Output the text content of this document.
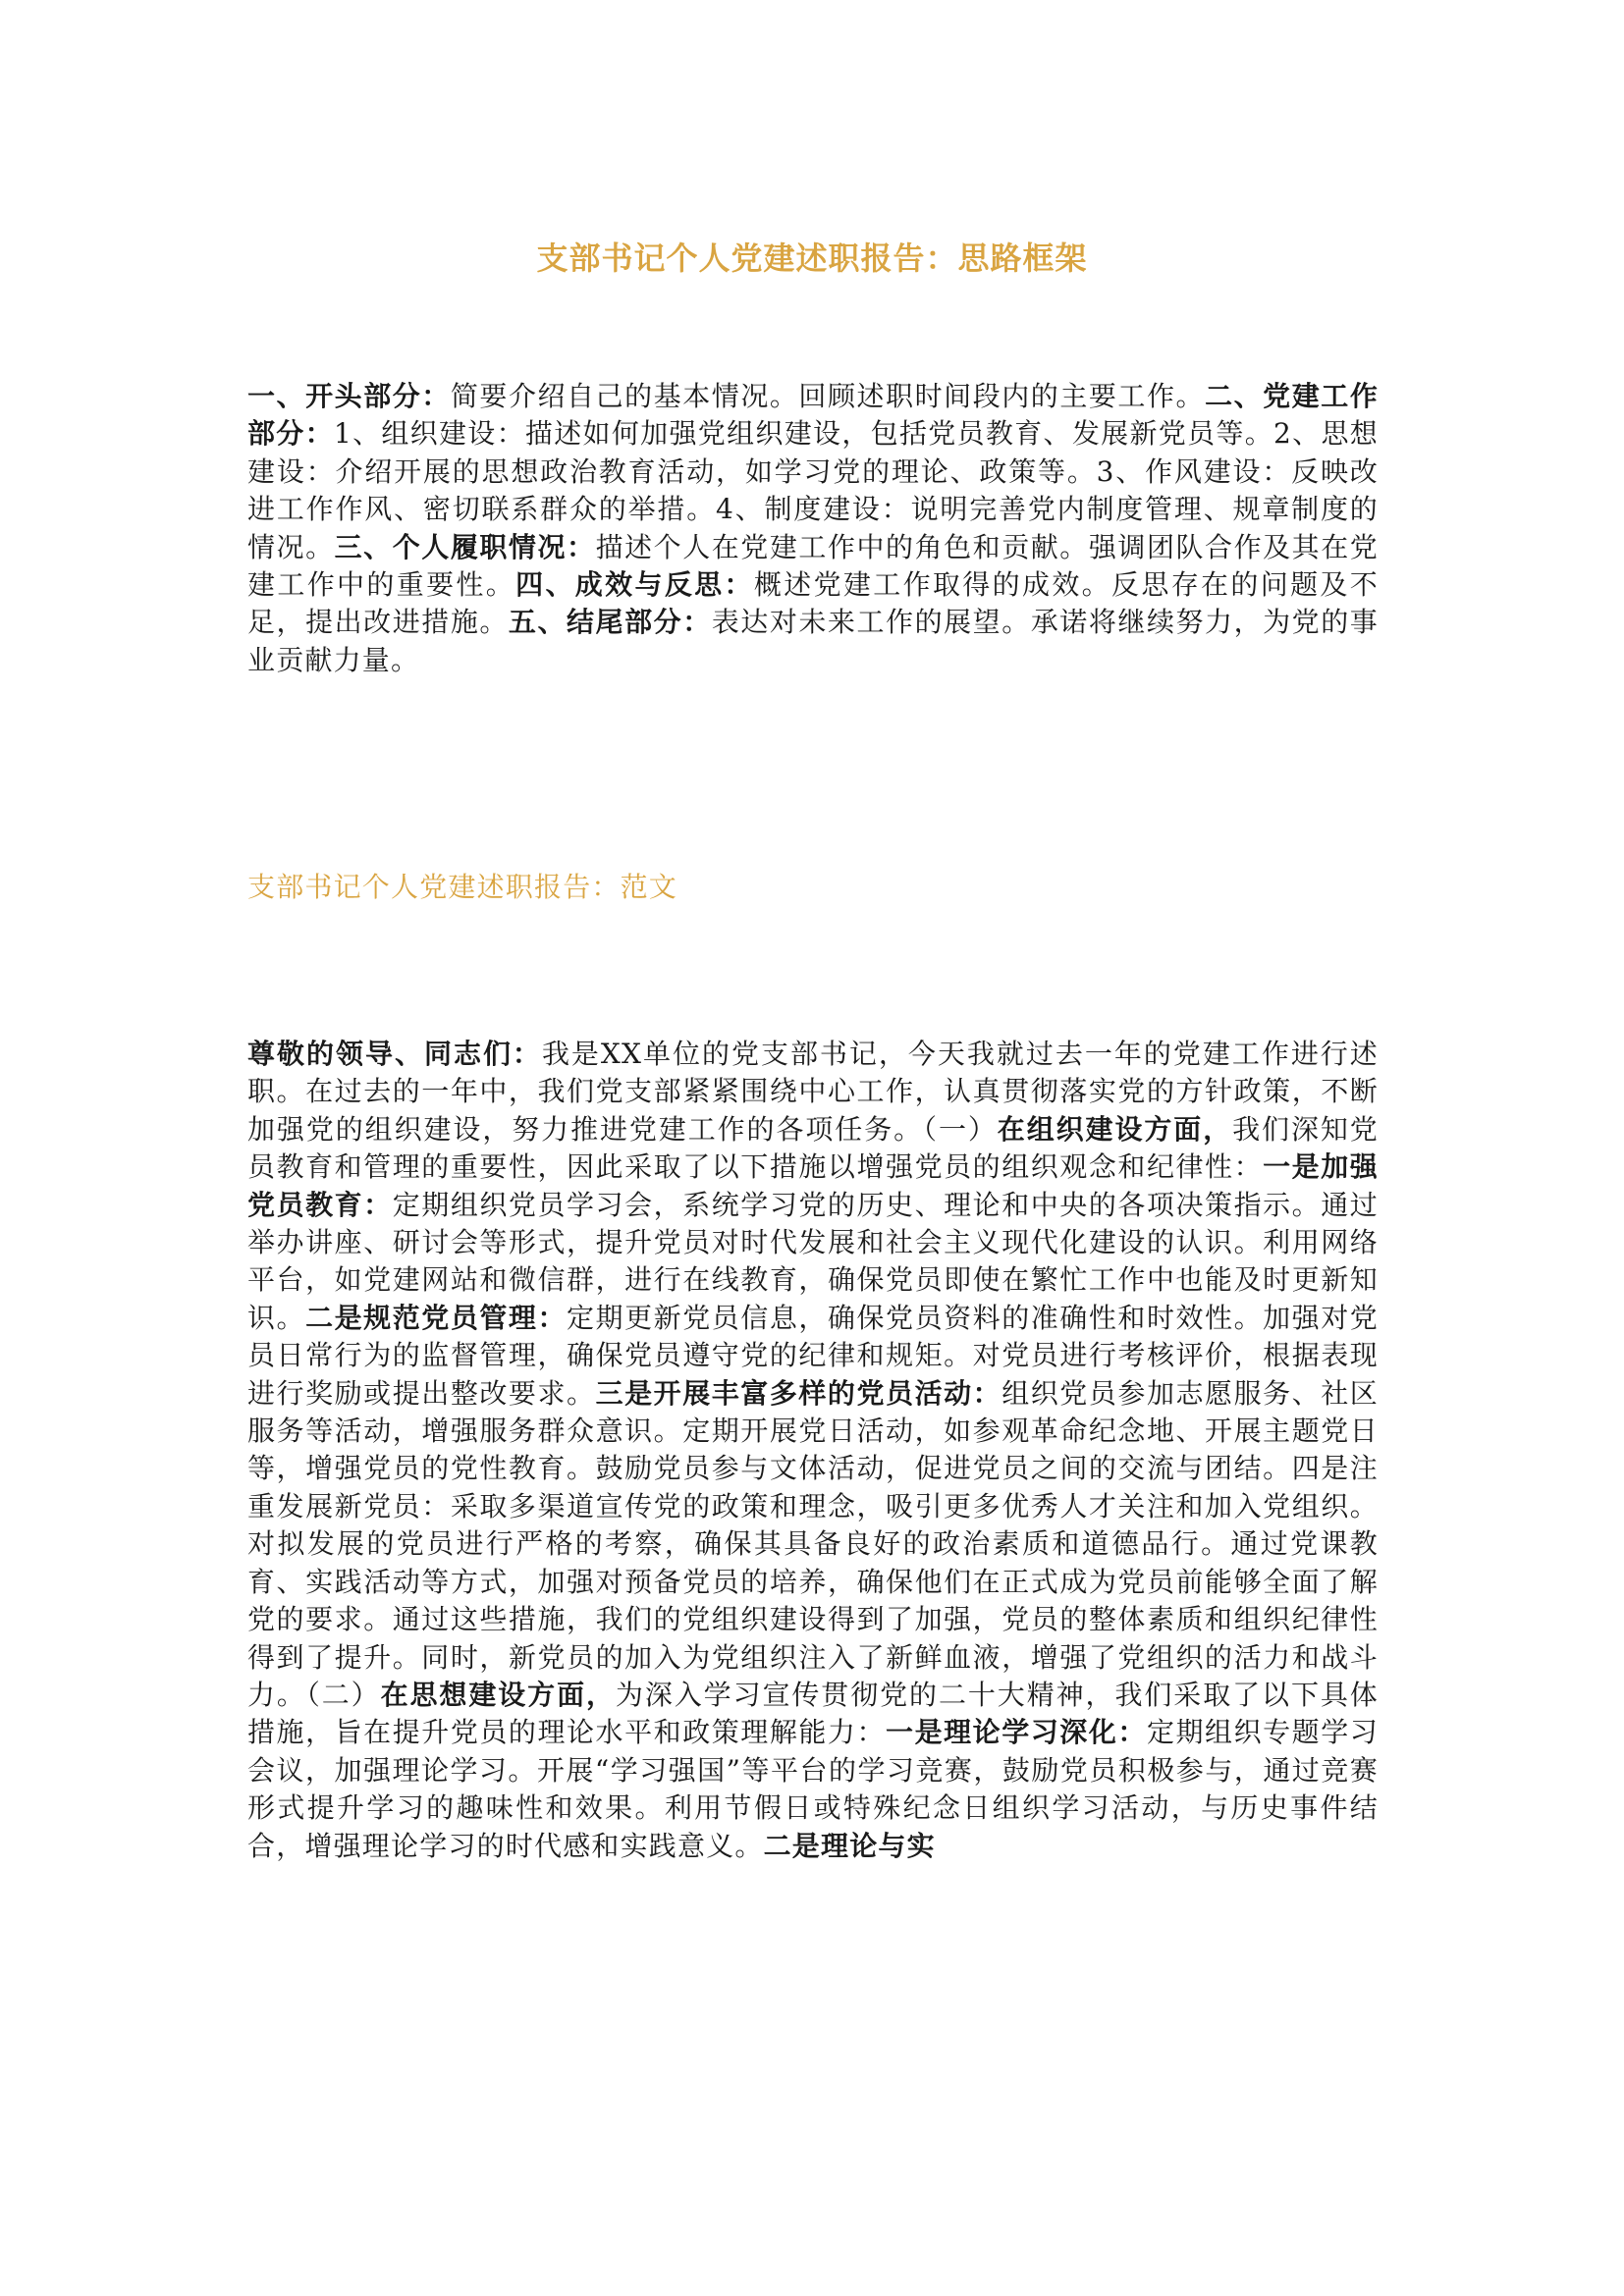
支部书记个人党建述职报告：思路框架

一、开头部分：简要介绍自己的基本情况。回顾述职时间段内的主要工作。二、党建工作部分：1、组织建设：描述如何加强党组织建设，包括党员教育、发展新党员等。2、思想建设：介绍开展的思想政治教育活动，如学习党的理论、政策等。3、作风建设：反映改进工作作风、密切联系群众的举措。4、制度建设：说明完善党内制度管理、规章制度的情况。三、个人履职情况：描述个人在党建工作中的角色和贡献。强调团队合作及其在党建工作中的重要性。四、成效与反思：概述党建工作取得的成效。反思存在的问题及不足，提出改进措施。五、结尾部分：表达对未来工作的展望。承诺将继续努力，为党的事业贡献力量。

支部书记个人党建述职报告：范文

尊敬的领导、同志们：我是XX单位的党支部书记，今天我就过去一年的党建工作进行述职。在过去的一年中，我们党支部紧紧围绕中心工作，认真贯彻落实党的方针政策，不断加强党的组织建设，努力推进党建工作的各项任务。（一）在组织建设方面，我们深知党员教育和管理的重要性，因此采取了以下措施以增强党员的组织观念和纪律性：一是加强党员教育：定期组织党员学习会，系统学习党的历史、理论和中央的各项决策指示。通过举办讲座、研讨会等形式，提升党员对时代发展和社会主义现代化建设的认识。利用网络平台，如党建网站和微信群，进行在线教育，确保党员即使在繁忙工作中也能及时更新知识。二是规范党员管理：定期更新党员信息，确保党员资料的准确性和时效性。加强对党员日常行为的监督管理，确保党员遵守党的纪律和规矩。对党员进行考核评价，根据表现进行奖励或提出整改要求。三是开展丰富多样的党员活动：组织党员参加志愿服务、社区服务等活动，增强服务群众意识。定期开展党日活动，如参观革命纪念地、开展主题党日等，增强党员的党性教育。鼓励党员参与文体活动，促进党员之间的交流与团结。四是注重发展新党员：采取多渠道宣传党的政策和理念，吸引更多优秀人才关注和加入党组织。对拟发展的党员进行严格的考察，确保其具备良好的政治素质和道德品行。通过党课教育、实践活动等方式，加强对预备党员的培养，确保他们在正式成为党员前能够全面了解党的要求。通过这些措施，我们的党组织建设得到了加强，党员的整体素质和组织纪律性得到了提升。同时，新党员的加入为党组织注入了新鲜血液，增强了党组织的活力和战斗力。（二）在思想建设方面，为深入学习宣传贯彻党的二十大精神，我们采取了以下具体措施，旨在提升党员的理论水平和政策理解能力：一是理论学习深化：定期组织专题学习会议，加强理论学习。开展“学习强国”等平台的学习竞赛，鼓励党员积极参与，通过竞赛形式提升学习的趣味性和效果。利用节假日或特殊纪念日组织学习活动，与历史事件结合，增强理论学习的时代感和实践意义。二是理论与实
